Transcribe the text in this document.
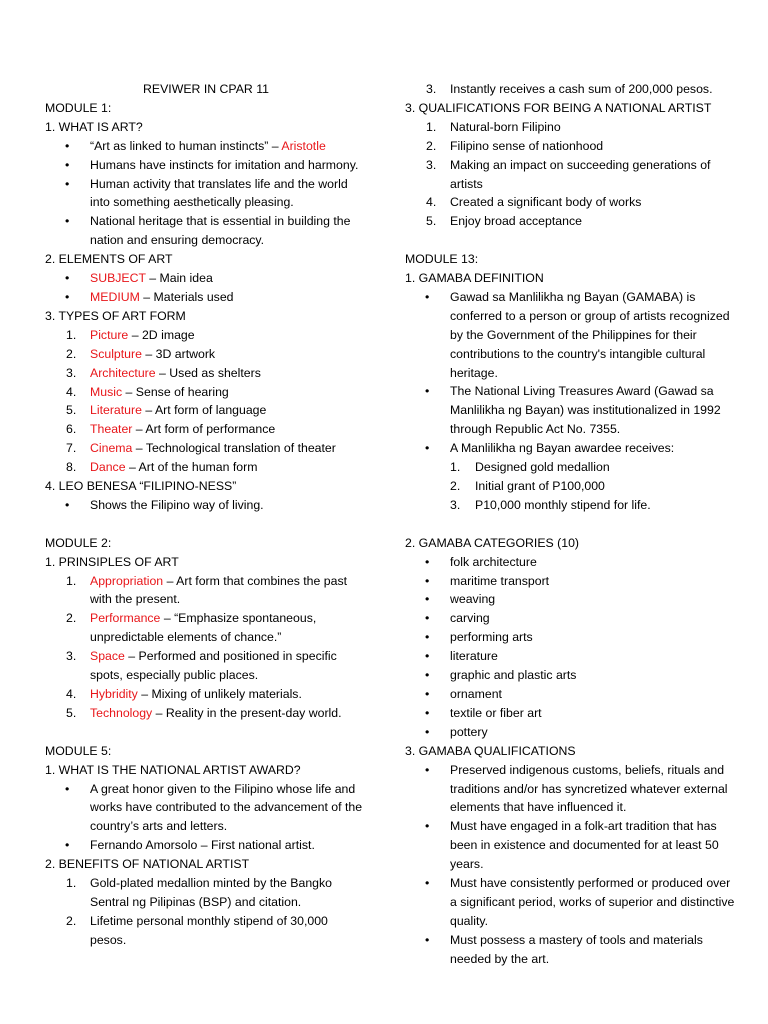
REVIWER IN CPAR 11
MODULE 1:
1. WHAT IS ART?
• “Art as linked to human instincts” – Aristotle
• Humans have instincts for imitation and harmony.
• Human activity that translates life and the world into something aesthetically pleasing.
• National heritage that is essential in building the nation and ensuring democracy.
2. ELEMENTS OF ART
• SUBJECT – Main idea
• MEDIUM – Materials used
3. TYPES OF ART FORM
1. Picture – 2D image
2. Sculpture – 3D artwork
3. Architecture – Used as shelters
4. Music – Sense of hearing
5. Literature – Art form of language
6. Theater – Art form of performance
7. Cinema – Technological translation of theater
8. Dance – Art of the human form
4. LEO BENESA “FILIPINO-NESS”
• Shows the Filipino way of living.
MODULE 2:
1. PRINSIPLES OF ART
1. Appropriation – Art form that combines the past with the present.
2. Performance – “Emphasize spontaneous, unpredictable elements of chance.”
3. Space – Performed and positioned in specific spots, especially public places.
4. Hybridity – Mixing of unlikely materials.
5. Technology – Reality in the present-day world.
MODULE 5:
1. WHAT IS THE NATIONAL ARTIST AWARD?
• A great honor given to the Filipino whose life and works have contributed to the advancement of the country’s arts and letters.
• Fernando Amorsolo – First national artist.
2. BENEFITS OF NATIONAL ARTIST
1. Gold-plated medallion minted by the Bangko Sentral ng Pilipinas (BSP) and citation.
2. Lifetime personal monthly stipend of 30,000 pesos.
3. Instantly receives a cash sum of 200,000 pesos.
3. QUALIFICATIONS FOR BEING A NATIONAL ARTIST
1. Natural-born Filipino
2. Filipino sense of nationhood
3. Making an impact on succeeding generations of artists
4. Created a significant body of works
5. Enjoy broad acceptance
MODULE 13:
1. GAMABA DEFINITION
• Gawad sa Manlilikha ng Bayan (GAMABA) is conferred to a person or group of artists recognized by the Government of the Philippines for their contributions to the country's intangible cultural heritage.
• The National Living Treasures Award (Gawad sa Manlilikha ng Bayan) was institutionalized in 1992 through Republic Act No. 7355.
• A Manlilikha ng Bayan awardee receives:
1. Designed gold medallion
2. Initial grant of P100,000
3. P10,000 monthly stipend for life.
2. GAMABA CATEGORIES (10)
• folk architecture
• maritime transport
• weaving
• carving
• performing arts
• literature
• graphic and plastic arts
• ornament
• textile or fiber art
• pottery
3. GAMABA QUALIFICATIONS
• Preserved indigenous customs, beliefs, rituals and traditions and/or has syncretized whatever external elements that have influenced it.
• Must have engaged in a folk-art tradition that has been in existence and documented for at least 50 years.
• Must have consistently performed or produced over a significant period, works of superior and distinctive quality.
• Must possess a mastery of tools and materials needed by the art.
